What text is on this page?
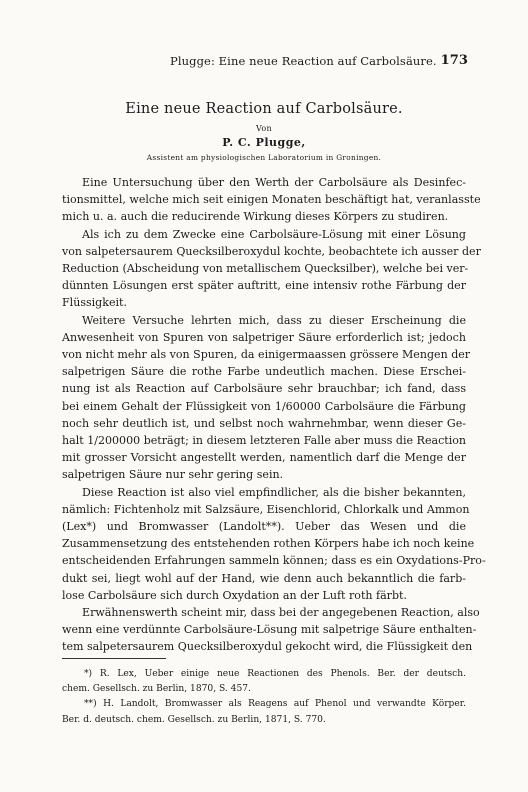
Plugge: Eine neue Reaction auf Carbolsäure. 173
Eine neue Reaction auf Carbolsäure.
Von
P. C. Plugge,
Assistent am physiologischen Laboratorium in Groningen.
Eine Untersuchung über den Werth der Carbolsäure als Desinfec-
tionsmittel, welche mich seit einigen Monaten beschäftigt hat, veranlasste
mich u. a. auch die reducirende Wirkung dieses Körpers zu studiren.
Als ich zu dem Zwecke eine Carbolsäure-Lösung mit einer Lösung
von salpetersaurem Quecksilberoxydul kochte, beobachtete ich ausser der
Reduction (Abscheidung von metallischem Quecksilber), welche bei ver-
dünnten Lösungen erst später auftritt, eine intensiv rothe Färbung der
Flüssigkeit.
Weitere Versuche lehrten mich, dass zu dieser Erscheinung die
Anwesenheit von Spuren von salpetriger Säure erforderlich ist; jedoch
von nicht mehr als von Spuren, da einigermaassen grössere Mengen der
salpetrigen Säure die rothe Farbe undeutlich machen. Diese Erschei-
nung ist als Reaction auf Carbolsäure sehr brauchbar; ich fand, dass
bei einem Gehalt der Flüssigkeit von 1/60000 Carbolsäure die Färbung
noch sehr deutlich ist, und selbst noch wahrnehmbar, wenn dieser Ge-
halt 1/200000 beträgt; in diesem letzteren Falle aber muss die Reaction
mit grosser Vorsicht angestellt werden, namentlich darf die Menge der
salpetrigen Säure nur sehr gering sein.
Diese Reaction ist also viel empfindlicher, als die bisher bekannten,
nämlich: Fichtenholz mit Salzsäure, Eisenchlorid, Chlorkalk und Ammon
(Lex*) und Bromwasser (Landolt**). Ueber das Wesen und die
Zusammensetzung des entstehenden rothen Körpers habe ich noch keine
entscheidenden Erfahrungen sammeln können; dass es ein Oxydations-Pro-
dukt sei, liegt wohl auf der Hand, wie denn auch bekanntlich die farb-
lose Carbolsäure sich durch Oxydation an der Luft roth färbt.
Erwähnenswerth scheint mir, dass bei der angegebenen Reaction, also
wenn eine verdünnte Carbolsäure-Lösung mit salpetrige Säure enthalten-
tem salpetersaurem Quecksilberoxydul gekocht wird, die Flüssigkeit den
*) R. Lex, Ueber einige neue Reactionen des Phenols. Ber. der deutsch.
chem. Gesellsch. zu Berlin, 1870, S. 457.
**) H. Landolt, Bromwasser als Reagens auf Phenol und verwandte Körper.
Ber. d. deutsch. chem. Gesellsch. zu Berlin, 1871, S. 770.
